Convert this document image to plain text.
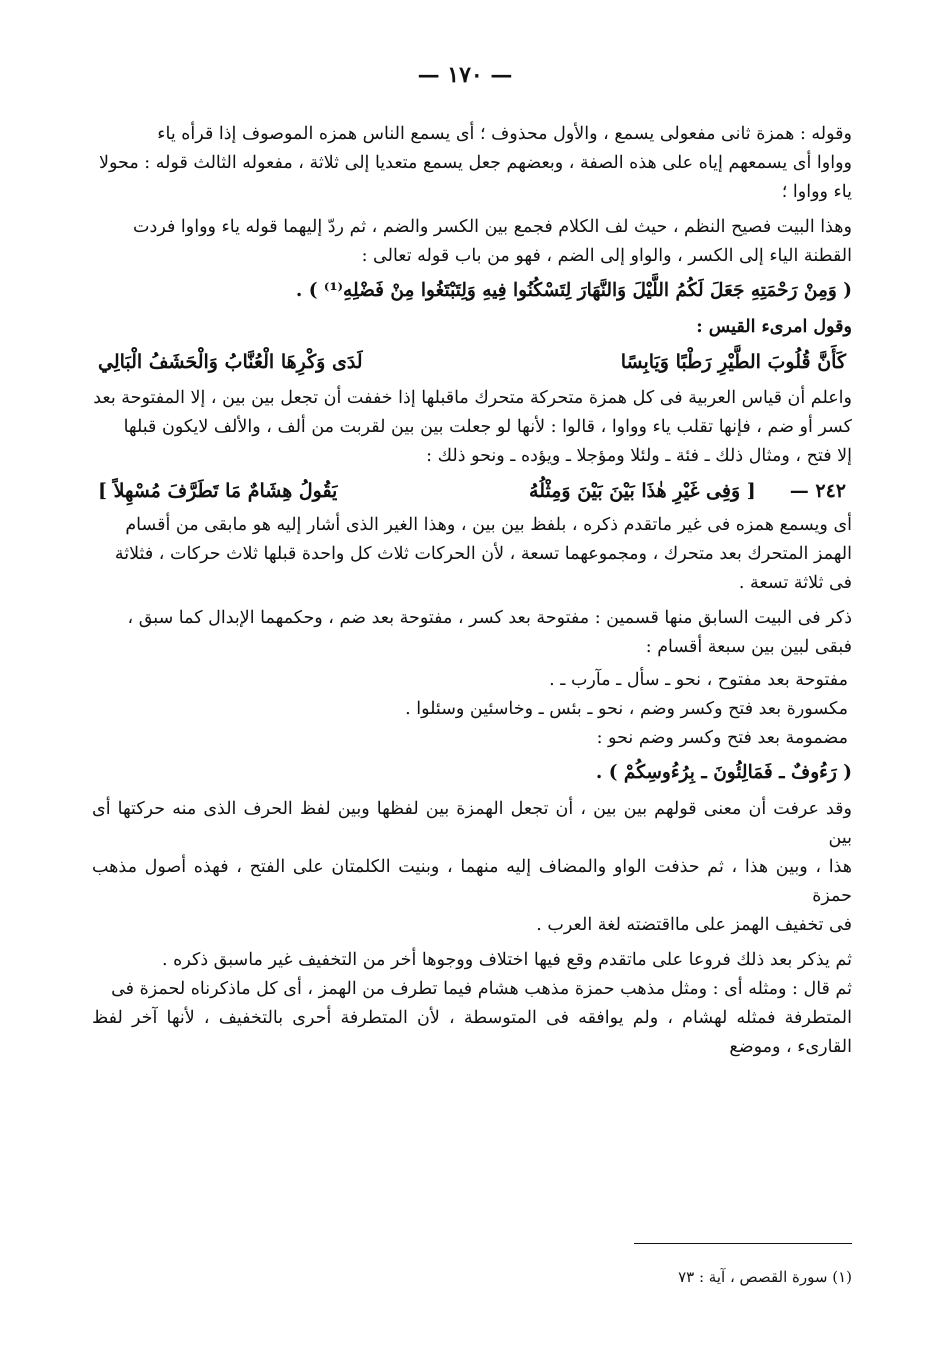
— ١٧٠ —

وقوله : همزة ثانى مفعولى يسمع ، والأول محذوف ؛ أى يسمع الناس همزه الموصوف إذا قرأه ياء

وواوا أى يسمعهم إياه على هذه الصفة ، وبعضهم جعل يسمع متعديا إلى ثلاثة ، مفعوله الثالث قوله : محولا

ياء وواوا ؛

وهذا البيت فصيح النظم ، حيث لف الكلام فجمع بين الكسر والضم ، ثم ردّ إليهما قوله ياء وواوا فردت

القطنة الياء إلى الكسر ، والواو إلى الضم ، فهو من باب قوله تعالى :

( وَمِنْ رَحْمَتِهِ جَعَلَ لَكُمُ اللَّيْلَ وَالنَّهَارَ لِتَسْكُنُوا فِيهِ وَلِتَبْتَغُوا مِنْ فَضْلِهِ⁽¹⁾ ) .

وقول امرىء القيس :

كَأَنَّ قُلُوبَ الطَّيْرِ رَطْبًا وَيَابِسًا
لَدَى وَكْرِهَا الْعُنَّابُ وَالْحَشَفُ الْبَالِي

واعلم أن قياس العربية فى كل همزة متحركة متحرك ماقبلها إذا خففت أن تجعل بين بين ، إلا المفتوحة بعد

كسر أو ضم ، فإنها تقلب ياء وواوا ، قالوا : لأنها لو جعلت بين بين لقربت من ألف ، والألف لايكون قبلها

إلا فتح ، ومثال ذلك ـ فئة ـ ولئلا ومؤجلا ـ ويؤده ـ ونحو ذلك :

٢٤٢ —
[ وَفِى غَيْرِ هٰذَا بَيْنَ بَيْنَ وَمِثْلُهُ
يَقُولُ هِشَامٌ مَا تَطَرَّفَ مُسْهِلاً ]

أى ويسمع همزه فى غير ماتقدم ذكره ، بلفظ بين بين ، وهذا الغير الذى أشار إليه هو مابقى من أقسام

الهمز المتحرك بعد متحرك ، ومجموعهما تسعة ، لأن الحركات ثلاث كل واحدة قبلها ثلاث حركات ، فثلاثة

فى ثلاثة تسعة .

ذكر فى البيت السابق منها قسمين : مفتوحة بعد كسر ، مفتوحة بعد ضم ، وحكمهما الإبدال كما سبق ،

فبقى لبين بين سبعة أقسام :

مفتوحة بعد مفتوح ، نحو ـ سأل ـ مآرب ـ .

مكسورة بعد فتح وكسر وضم ، نحو ـ بئس ـ وخاسئين وسئلوا .

مضمومة بعد فتح وكسر وضم نحو :

( رَءُوفٌ ـ فَمَالِئُونَ ـ بِرُءُوسِكُمْ ) .

وقد عرفت أن معنى قولهم بين بين ، أن تجعل الهمزة بين لفظها وبين لفظ الحرف الذى منه حركتها أى بين

هذا ، وبين هذا ، ثم حذفت الواو والمضاف إليه منهما ، وبنيت الكلمتان على الفتح ، فهذه أصول مذهب حمزة

فى تخفيف الهمز على مااقتضته لغة العرب .

ثم يذكر بعد ذلك فروعا على ماتقدم وقع فيها اختلاف ووجوها أخر من التخفيف غير ماسبق ذكره .

ثم قال : ومثله أى : ومثل مذهب حمزة مذهب هشام فيما تطرف من الهمز ، أى كل ماذكرناه لحمزة فى

المتطرفة فمثله لهشام ، ولم يوافقه فى المتوسطة ، لأن المتطرفة أحرى بالتخفيف ، لأنها آخر لفظ القارىء ، وموضع

(١) سورة القصص ، آية : ٧٣
